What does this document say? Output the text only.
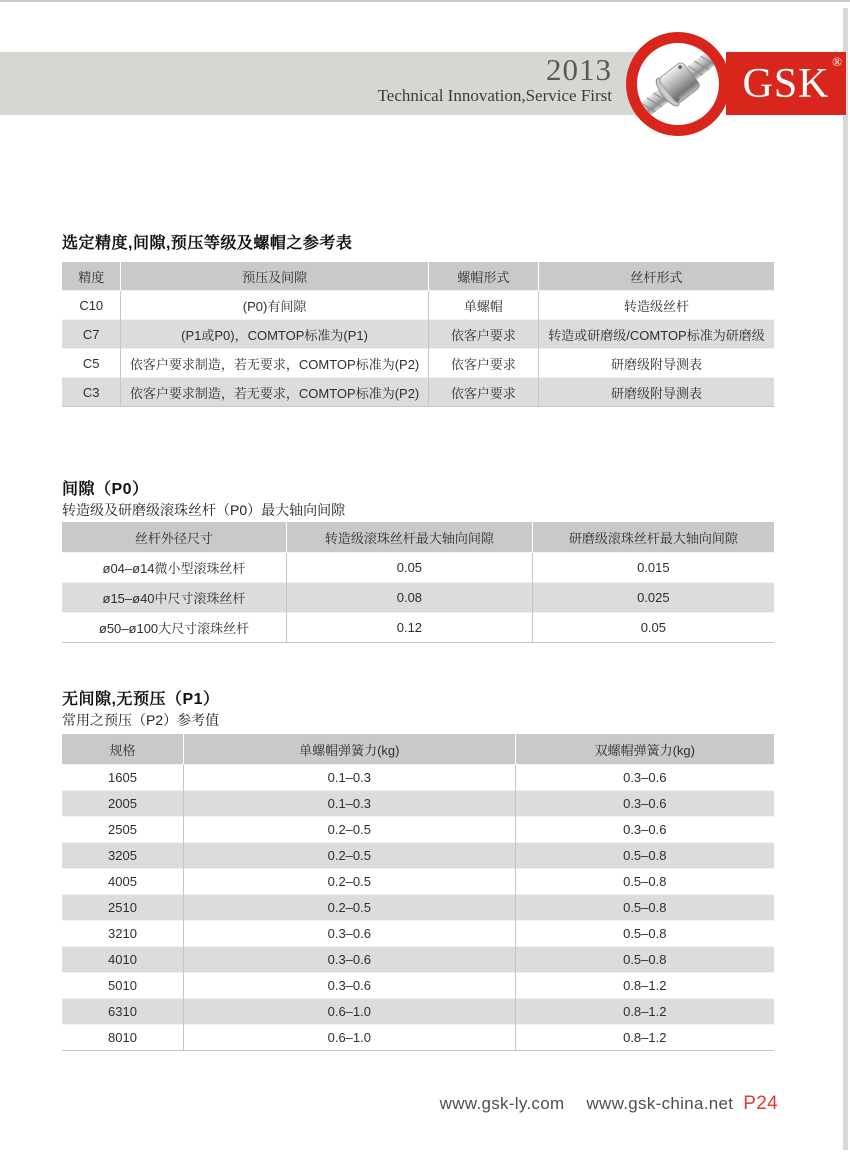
2013
Technical Innovation,Service First	GSK ®
选定精度,间隙,预压等级及螺帽之参考表
精度	预压及间隙	螺帽形式	丝杆形式
C10	(P0)有间隙	单螺帽	转造级丝杆
C7	(P1或P0)，COMTOP标准为(P1)	依客户要求	转造或研磨级/COMTOP标准为研磨级
C5	依客户要求制造，若无要求，COMTOP标准为(P2)	依客户要求	研磨级附导测表
C3	依客户要求制造，若无要求，COMTOP标准为(P2)	依客户要求	研磨级附导测表
间隙（P0）
转造级及研磨级滚珠丝杆（P0）最大轴向间隙
丝杆外径尺寸	转造级滚珠丝杆最大轴向间隙	研磨级滚珠丝杆最大轴向间隙
ø04–ø14微小型滚珠丝杆	0.05	0.015
ø15–ø40中尺寸滚珠丝杆	0.08	0.025
ø50–ø100大尺寸滚珠丝杆	0.12	0.05
无间隙,无预压（P1）
常用之预压（P2）参考值
规格	单螺帽弹簧力(kg)	双螺帽弹簧力(kg)
1605	0.1–0.3	0.3–0.6
2005	0.1–0.3	0.3–0.6
2505	0.2–0.5	0.3–0.6
3205	0.2–0.5	0.5–0.8
4005	0.2–0.5	0.5–0.8
2510	0.2–0.5	0.5–0.8
3210	0.3–0.6	0.5–0.8
4010	0.3–0.6	0.5–0.8
5010	0.3–0.6	0.8–1.2
6310	0.6–1.0	0.8–1.2
8010	0.6–1.0	0.8–1.2
www.gsk-ly.com www.gsk-china.net P24
